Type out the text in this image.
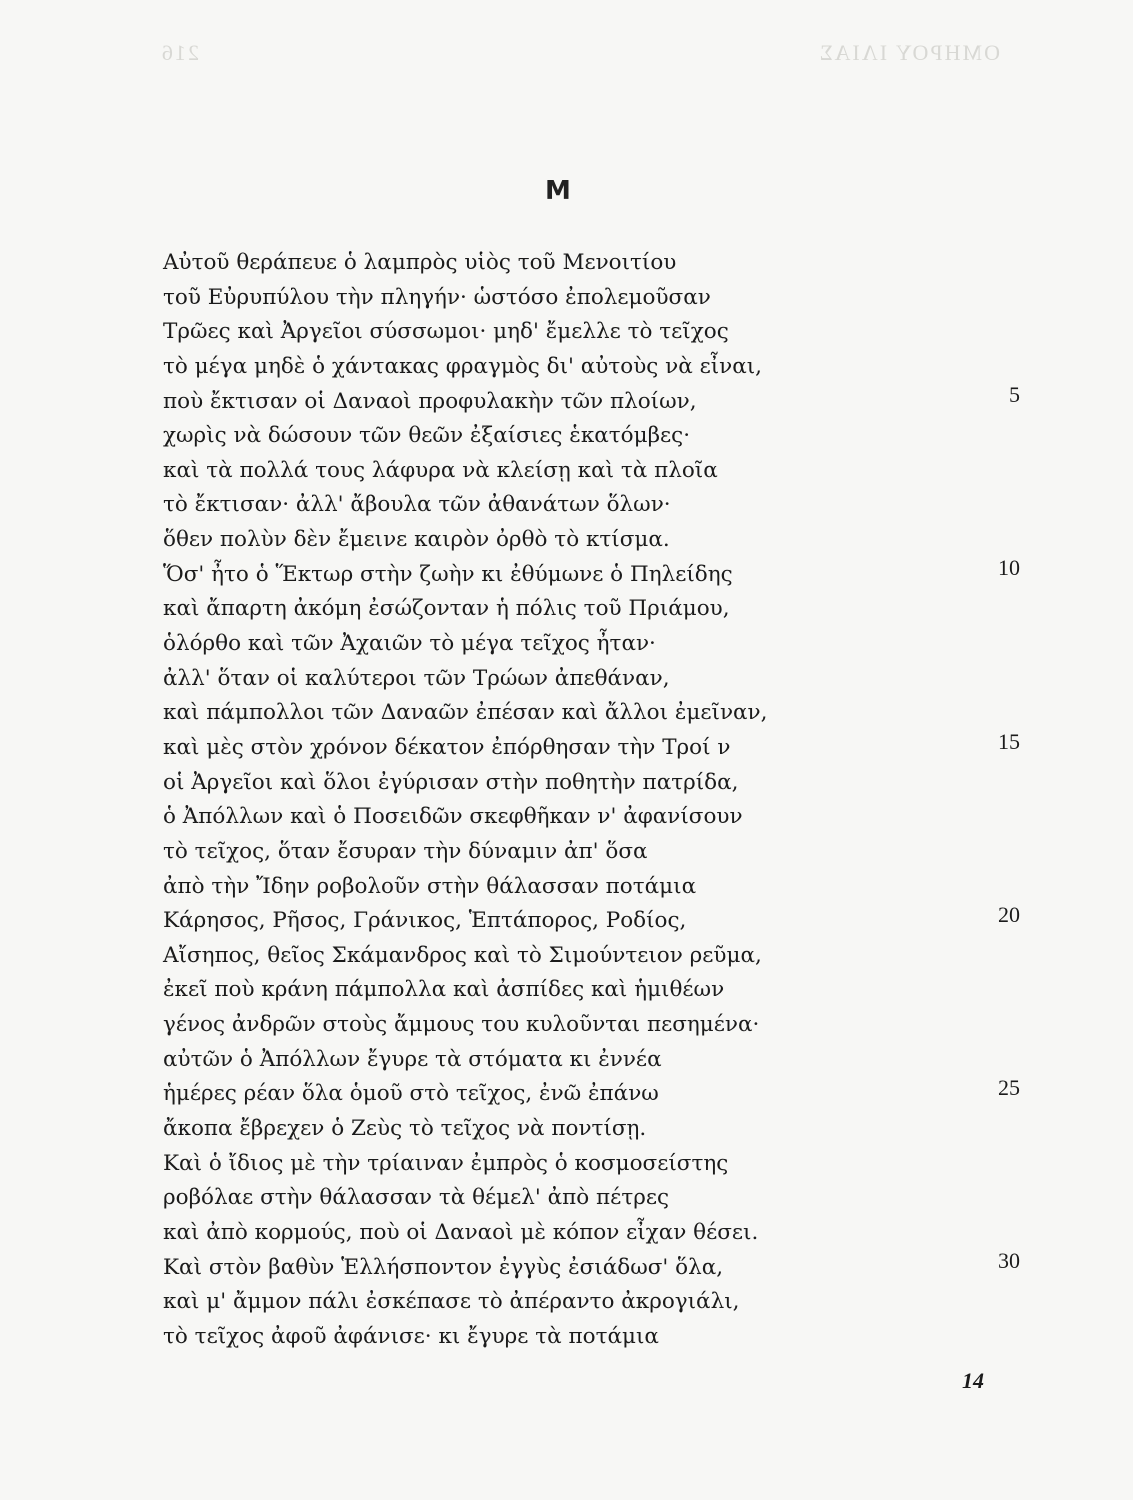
ΟΜΗΡΟΥ ΙΛΙΑΣ
216
Μ
Αὐτοῦ θεράπευε ὁ λαμπρὸς υἱὸς τοῦ Μενοιτίου
τοῦ Εὐρυπύλου τὴν πληγήν· ὡστόσο ἐπολεμοῦσαν
Τρῶες καὶ Ἀργεῖοι σύσσωμοι· μηδ' ἔμελλε τὸ τεῖχος
τὸ μέγα μηδὲ ὁ χάντακας φραγμὸς δι' αὐτοὺς νὰ εἶναι,
ποὺ ἔκτισαν οἱ Δαναοὶ προφυλακὴν τῶν πλοίων,
χωρὶς νὰ δώσουν τῶν θεῶν ἐξαίσιες ἑκατόμβες·
καὶ τὰ πολλά τους λάφυρα νὰ κλείσῃ καὶ τὰ πλοῖα
τὸ ἔκτισαν· ἀλλ' ἄβουλα τῶν ἀθανάτων ὅλων·
ὅθεν πολὺν δὲν ἔμεινε καιρὸν ὀρθὸ τὸ κτίσμα.
Ὅσ' ἦτο ὁ Ἕκτωρ στὴν ζωὴν κι ἐθύμωνε ὁ Πηλείδης
καὶ ἄπαρτη ἀκόμη ἐσώζονταν ἡ πόλις τοῦ Πριάμου,
ὁλόρθο καὶ τῶν Ἀχαιῶν τὸ μέγα τεῖχος ἦταν·
ἀλλ' ὅταν οἱ καλύτεροι τῶν Τρώων ἀπεθάναν,
καὶ πάμπολλοι τῶν Δαναῶν ἐπέσαν καὶ ἄλλοι ἐμεῖναν,
καὶ μὲς στὸν χρόνον δέκατον ἐπόρθησαν τὴν Τροί ν
οἱ Ἀργεῖοι καὶ ὅλοι ἐγύρισαν στὴν ποθητὴν πατρίδα,
ὁ Ἀπόλλων καὶ ὁ Ποσειδῶν σκεφθῆκαν ν' ἀφανίσουν
τὸ τεῖχος, ὅταν ἔσυραν τὴν δύναμιν ἀπ' ὅσα
ἀπὸ τὴν Ἴδην ροβολοῦν στὴν θάλασσαν ποτάμια
Κάρησος, Ρῆσος, Γράνικος, Ἑπτάπορος, Ροδίος,
Αἴσηπος, θεῖος Σκάμανδρος καὶ τὸ Σιμούντειον ρεῦμα,
ἐκεῖ ποὺ κράνη πάμπολλα καὶ ἀσπίδες καὶ ἡμιθέων
γένος ἀνδρῶν στοὺς ἄμμους του κυλοῦνται πεσημένα·
αὐτῶν ὁ Ἀπόλλων ἔγυρε τὰ στόματα κι ἐννέα
ἡμέρες ρέαν ὅλα ὁμοῦ στὸ τεῖχος, ἐνῶ ἐπάνω
ἄκοπα ἔβρεχεν ὁ Ζεὺς τὸ τεῖχος νὰ ποντίσῃ.
Καὶ ὁ ἴδιος μὲ τὴν τρίαιναν ἐμπρὸς ὁ κοσμοσείστης
ροβόλαε στὴν θάλασσαν τὰ θέμελ' ἀπὸ πέτρες
καὶ ἀπὸ κορμούς, ποὺ οἱ Δαναοὶ μὲ κόπον εἶχαν θέσει.
Καὶ στὸν βαθὺν Ἑλλήσποντον ἐγγὺς ἐσιάδωσ' ὅλα,
καὶ μ' ἄμμον πάλι ἐσκέπασε τὸ ἀπέραντο ἀκρογιάλι,
τὸ τεῖχος ἀφοῦ ἀφάνισε· κι ἔγυρε τὰ ποτάμια
5
10
15
20
25
30
14
